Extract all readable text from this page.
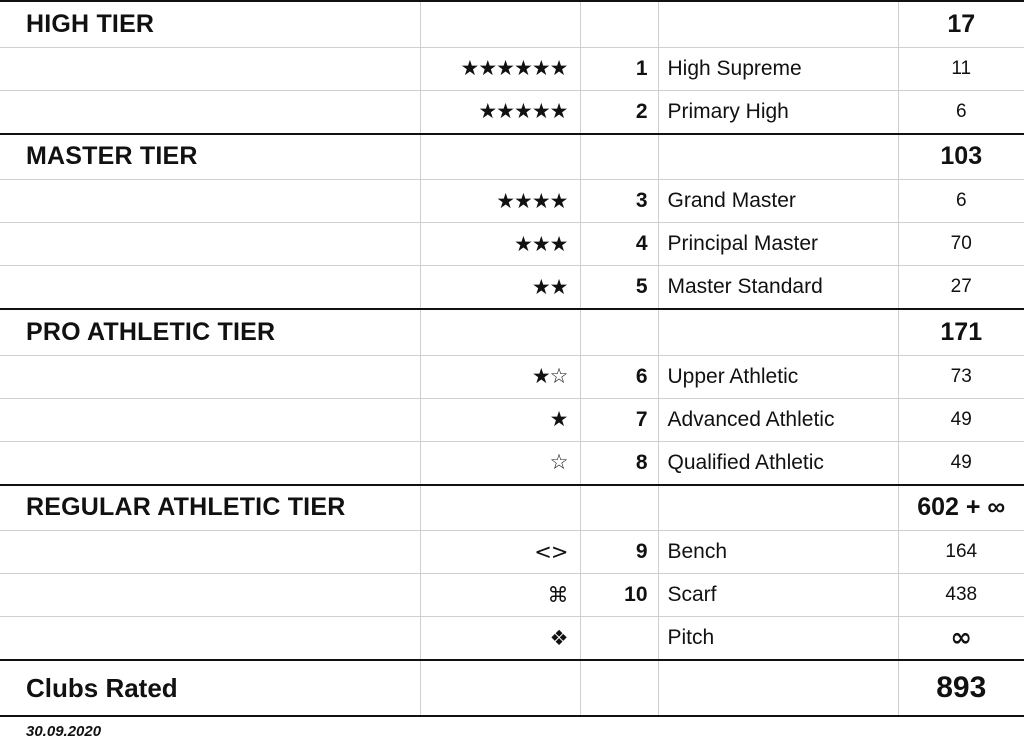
HIGH TIER				17
	★★★★★★	1	High Supreme	11
	★★★★★	2	Primary High	6
MASTER TIER				103
	★★★★	3	Grand Master	6
	★★★	4	Principal Master	70
	★★	5	Master Standard	27
PRO ATHLETIC TIER				171
	★☆	6	Upper Athletic	73
	★	7	Advanced Athletic	49
	☆	8	Qualified Athletic	49
REGULAR ATHLETIC TIER				602 + ∞
	<>	9	Bench	164
	⌘	10	Scarf	438
	❖		Pitch	∞
Clubs Rated				893
30.09.2020
